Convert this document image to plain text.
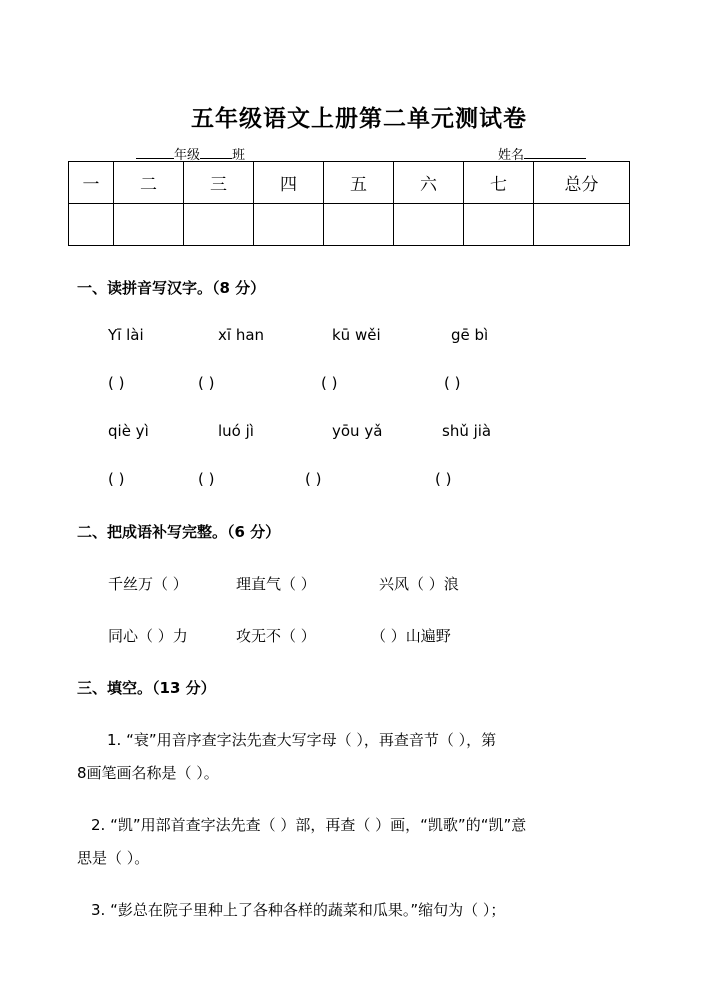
五年级语文上册第二单元测试卷
年级 班	姓名
一	二	三	四	五	六	七	总分

一、读拼音写汉字。（8 分）
Yī lài	xī han	kū wěi	gē bì
( )	( )	( )	( )
qiè yì	luó jì	yōu yǎ	shǔ jià
( )	( )	( )	( )
二、把成语补写完整。（6 分）
千丝万（ ）	理直气（ ）	兴风（ ）浪
同心（ ）力	攻无不（ ）	（ ）山遍野
三、填空。（13 分）
1. “衰”用音序查字法先查大写字母（ ），再查音节（ ），第
8画笔画名称是（ ）。
2. “凯”用部首查字法先查（ ）部，再查（ ）画，“凯歌”的“凯”意
思是（ ）。
3. “彭总在院子里种上了各种各样的蔬菜和瓜果。”缩句为（ ）；
